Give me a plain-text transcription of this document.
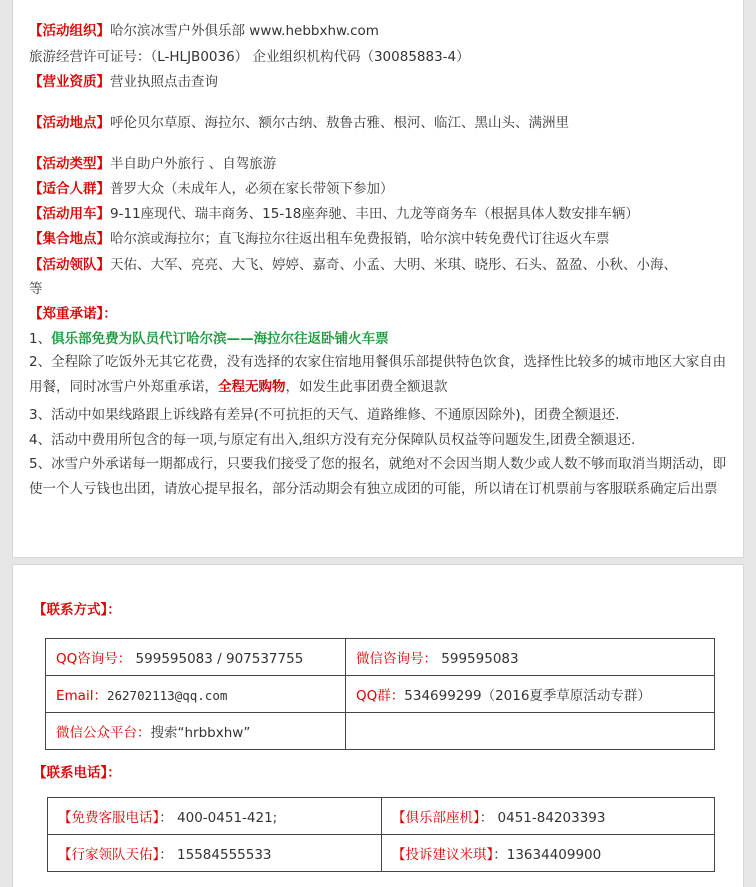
【活动组织】哈尔滨冰雪户外俱乐部 www.hebbxhw.com
旅游经营许可证号：（L-HLJB0036） 企业组织机构代码（30085883-4）
【营业资质】营业执照点击查询
【活动地点】呼伦贝尔草原、海拉尔、额尔古纳、敖鲁古雅、根河、临江、黑山头、满洲里
【活动类型】半自助户外旅行 、自驾旅游
【适合人群】普罗大众（未成年人，必须在家长带领下参加）
【活动用车】9-11座现代、瑞丰商务、15-18座奔驰、丰田、九龙等商务车（根据具体人数安排车辆）
【集合地点】哈尔滨或海拉尔；直飞海拉尔往返出租车免费报销，哈尔滨中转免费代订往返火车票
【活动领队】天佑、大军、亮亮、大飞、婷婷、嘉奇、小孟、大明、米琪、晓彤、石头、盈盈、小秋、小海、
等
【郑重承诺】：
1、俱乐部免费为队员代订哈尔滨——海拉尔往返卧铺火车票
2、全程除了吃饭外无其它花费，没有选择的农家住宿地用餐俱乐部提供特色饮食，选择性比较多的城市地区大家自由用餐，同时冰雪户外郑重承诺，全程无购物，如发生此事团费全额退款
3、活动中如果线路跟上诉线路有差异(不可抗拒的天气、道路维修、不通原因除外)，团费全额退还.
4、活动中费用所包含的每一项,与原定有出入,组织方没有充分保障队员权益等问题发生,团费全额退还.
5、冰雪户外承诺每一期都成行，只要我们接受了您的报名，就绝对不会因当期人数少或人数不够而取消当期活动，即使一个人亏钱也出团，请放心提早报名，部分活动期会有独立成团的可能，所以请在订机票前与客服联系确定后出票
【联系方式】：
QQ咨询号： 599595083 / 907537755	微信咨询号： 599595083
Email：262702113@qq.com	QQ群：534699299（2016夏季草原活动专群）
微信公众平台：搜索“hrbbxhw”	
【联系电话】：
【免费客服电话】： 400-0451-421;	【俱乐部座机】： 0451-84203393
【行家领队天佑】： 15584555533	【投诉建议米琪】：13634409900
